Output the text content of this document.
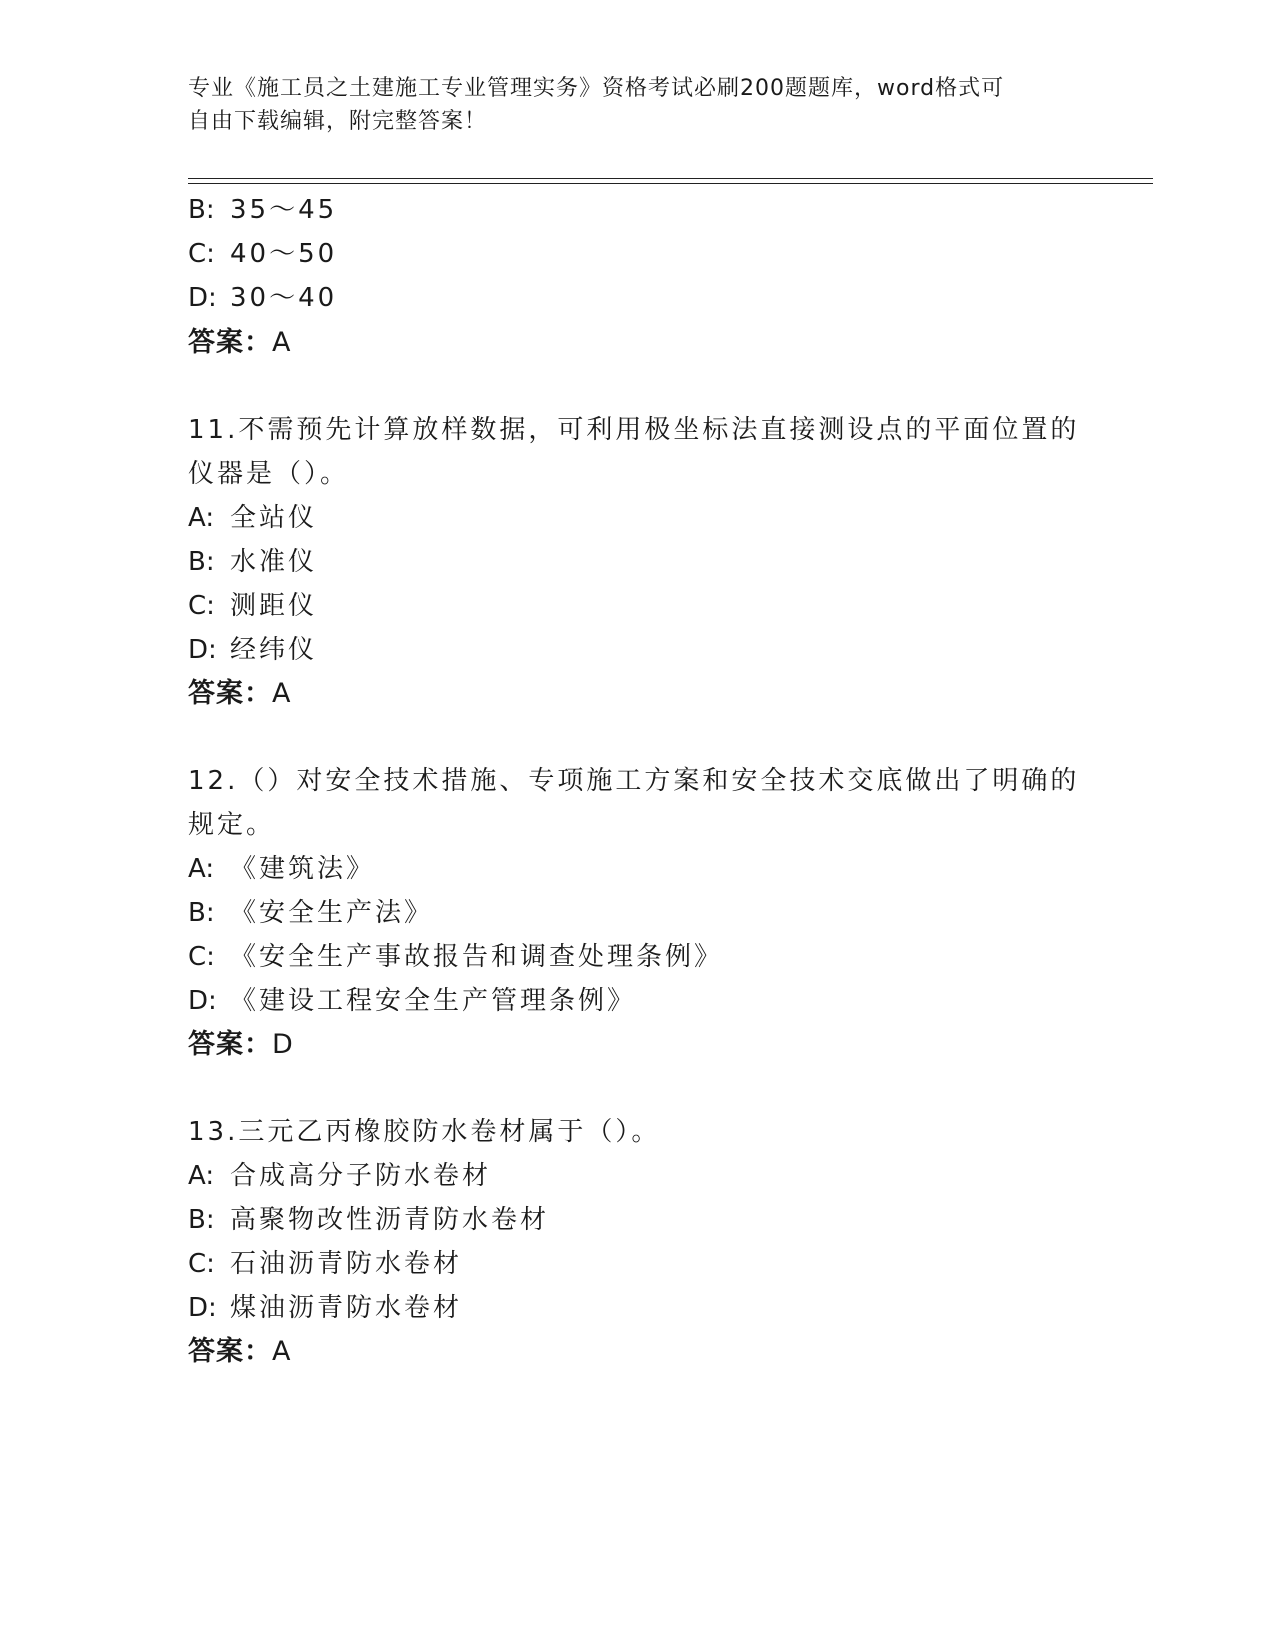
专业《施工员之土建施工专业管理实务》资格考试必刷200题题库，word格式可
自由下载编辑，附完整答案！
B: 35～45
C: 40～50
D: 30～40
答案：A
11.不需预先计算放样数据，可利用极坐标法直接测设点的平面位置的
仪器是（）。
A: 全站仪
B: 水准仪
C: 测距仪
D: 经纬仪
答案：A
12.（）对安全技术措施、专项施工方案和安全技术交底做出了明确的
规定。
A: 《建筑法》
B: 《安全生产法》
C: 《安全生产事故报告和调查处理条例》
D: 《建设工程安全生产管理条例》
答案：D
13.三元乙丙橡胶防水卷材属于（）。
A: 合成高分子防水卷材
B: 高聚物改性沥青防水卷材
C: 石油沥青防水卷材
D: 煤油沥青防水卷材
答案：A
